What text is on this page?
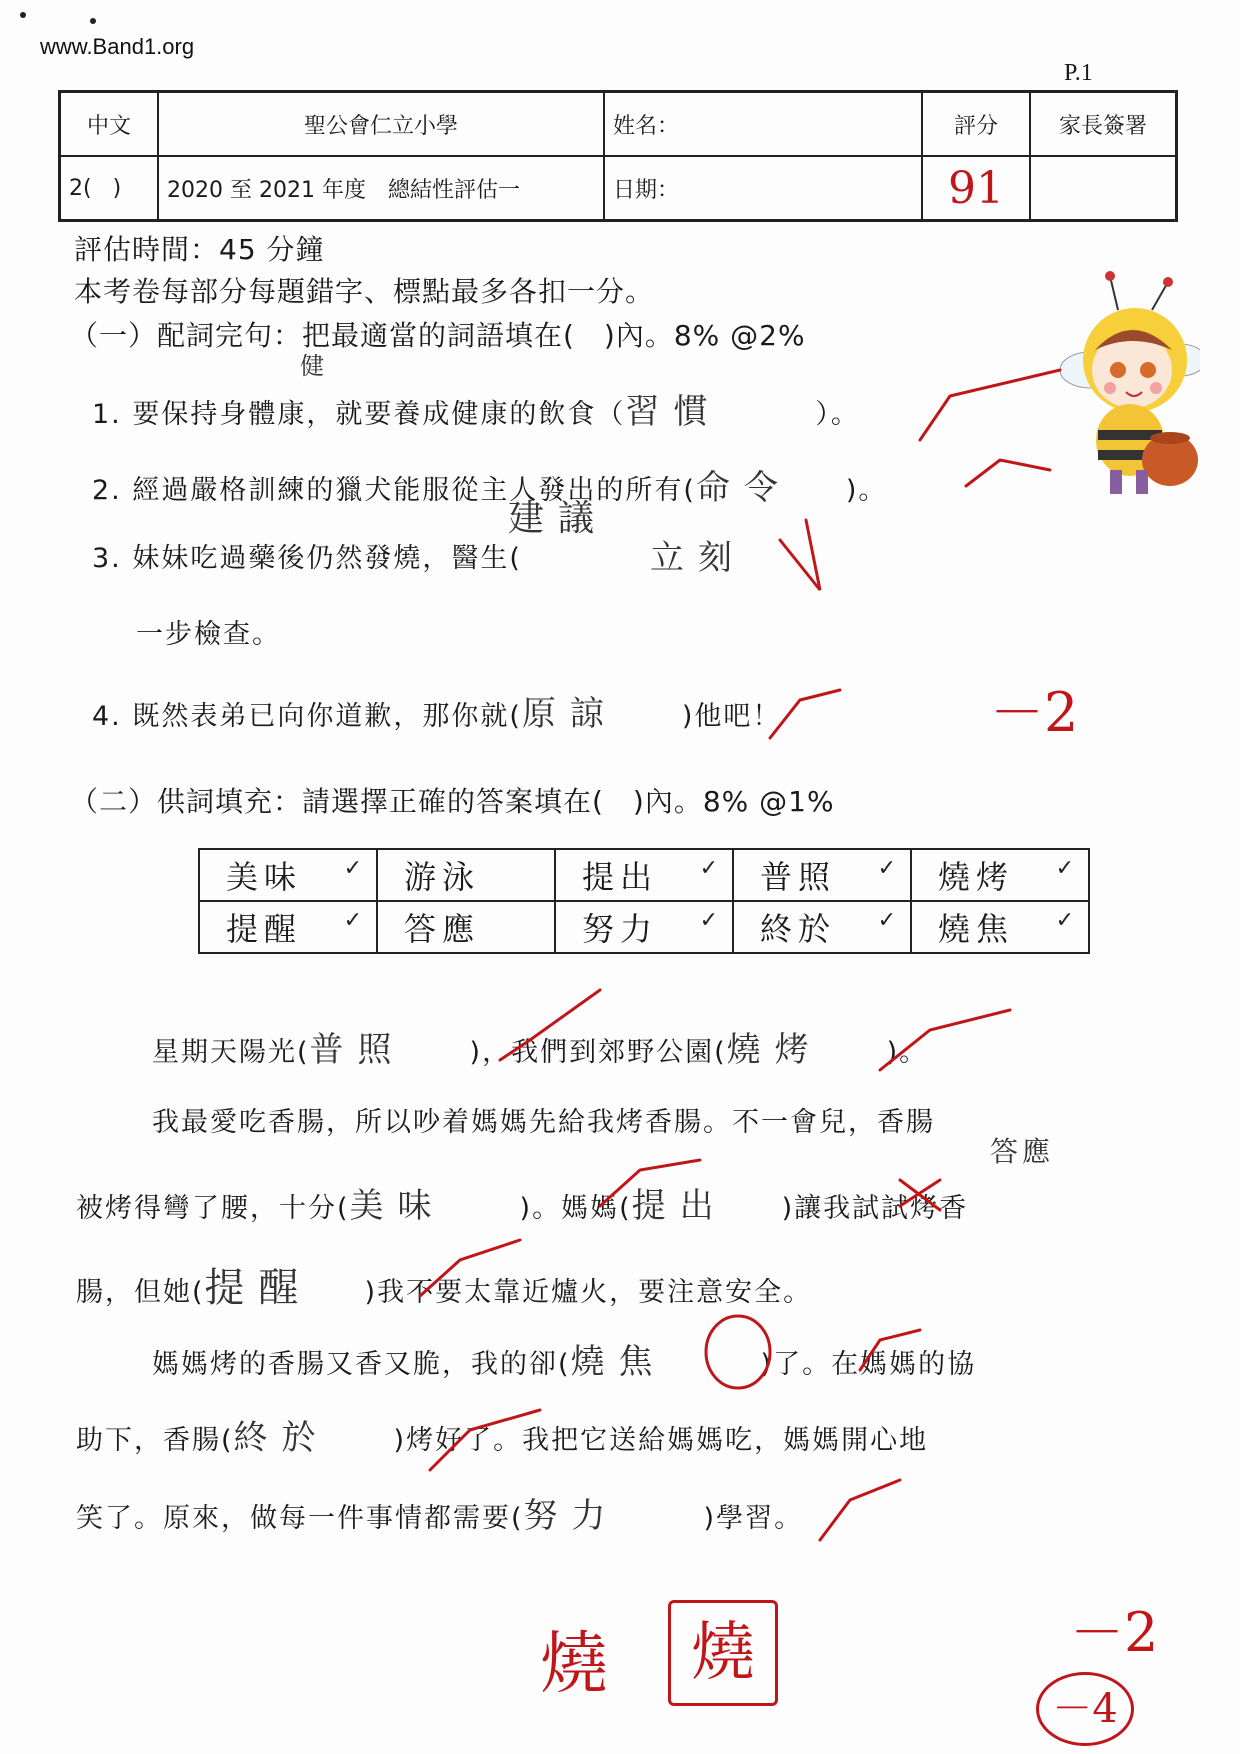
www.Band1.org
P.1
中文	聖公會仁立小學	姓名：	評分	家長簽署
2( )	2020 至 2021 年度　總結性評估一	日期：	91	
評估時間：45 分鐘
本考卷每部分每題錯字、標點最多各扣一分。
（一）配詞完句：把最適當的詞語填在(　)內。8% @2%
1. 要保持身體康，就要養成健康的飲食（習慣	）。
健
2. 經過嚴格訓練的獵犬能服從主人發出的所有(命令 )。
建議
3. 妹妹吃過藥後仍然發燒，醫生(	立刻
一步檢查。
4. 既然表弟已向你道歉，那你就(原諒 )他吧！	－2
（二）供詞填充：請選擇正確的答案填在(　)內。8% @1%
美味 ✓	游泳	提出 ✓	普照 ✓	燒烤 ✓

提醒 ✓	答應	努力 ✓	終於 ✓	燒焦 ✓
星期天陽光(普照 )，我們到郊野公園(燒烤 )。
我最愛吃香腸，所以吵着媽媽先給我烤香腸。不一會兒，香腸
答應
被烤得彎了腰，十分(美味	)。媽媽(提出 )讓我試試烤香
腸，但她(提醒 )我不要太靠近爐火，要注意安全。
媽媽烤的香腸又香又脆，我的卻(燒焦	)了。在媽媽的協
助下，香腸(終於 )烤好了。我把它送給媽媽吃，媽媽開心地
笑了。原來，做每一件事情都需要(努力	)學習。
燒	燒	－2
－4
